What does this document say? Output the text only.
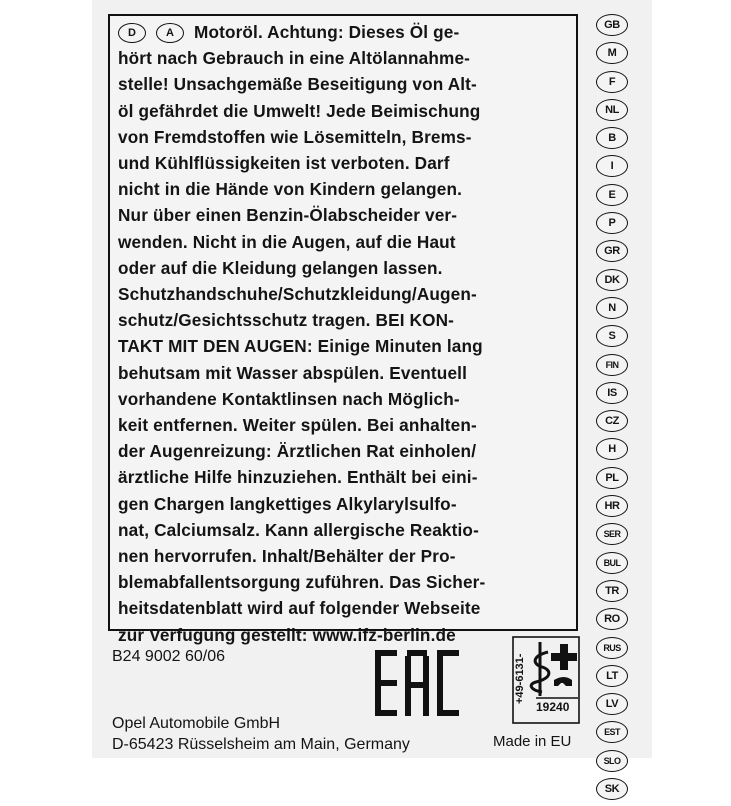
D	A Motoröl. Achtung: Dieses Öl ge-
hört nach Gebrauch in eine Altölannahme-
stelle! Unsachgemäße Beseitigung von Alt-
öl gefährdet die Umwelt! Jede Beimischung
von Fremdstoffen wie Lösemitteln, Brems-
und Kühlflüssigkeiten ist verboten. Darf
nicht in die Hände von Kindern gelangen.
Nur über einen Benzin-Ölabscheider ver-
wenden. Nicht in die Augen, auf die Haut
oder auf die Kleidung gelangen lassen.
Schutzhandschuhe/Schutzkleidung/Augen-
schutz/Gesichtsschutz tragen. BEI KON-
TAKT MIT DEN AUGEN: Einige Minuten lang
behutsam mit Wasser abspülen. Eventuell
vorhandene Kontaktlinsen nach Möglich-
keit entfernen. Weiter spülen. Bei anhalten-
der Augenreizung: Ärztlichen Rat einholen/
ärztliche Hilfe hinzuziehen. Enthält bei eini-
gen Chargen langkettiges Alkylarylsulfo-
nat, Calciumsalz. Kann allergische Reaktio-
nen hervorrufen. Inhalt/Behälter der Pro-
blemabfallentsorgung zuführen. Das Sicher-
heitsdatenblatt wird auf folgender Webseite
zur Verfügung gestellt: www.ifz-berlin.de
GB
M
F
NL
B
I
E
P
GR
DK
N
S
FIN
IS
CZ
H
PL
HR
SER
BUL
TR
RO
RUS
LT
LV
EST
SLO
SK
B24 9002 60/06	+49-6131-
19240
Opel Automobile GmbH
D-65423 Rüsselsheim am Main, Germany	Made in EU
